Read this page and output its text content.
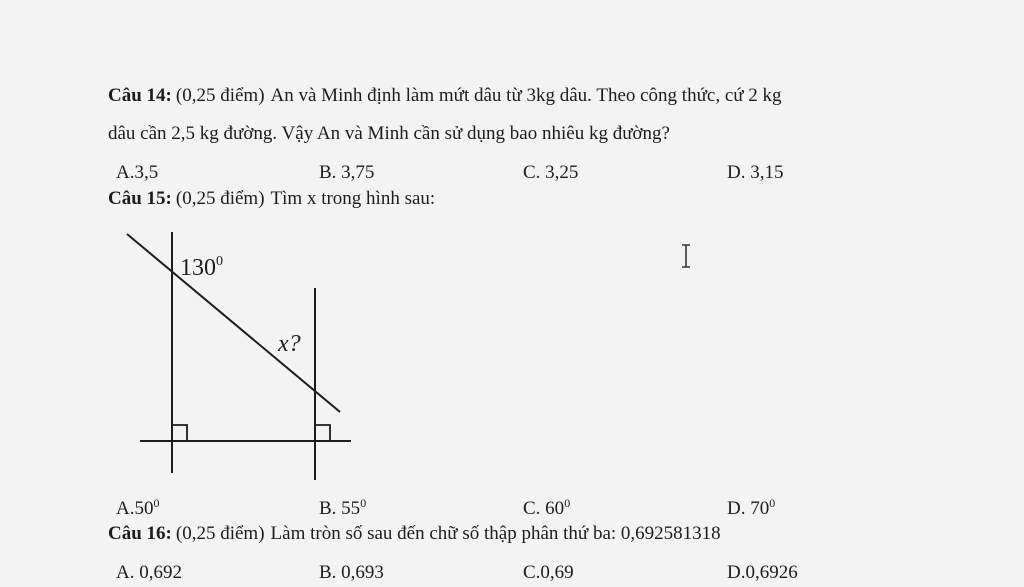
Câu 14: (0,25 điểm) An và Minh định làm mứt dâu từ 3kg dâu. Theo công thức, cứ 2 kg
dâu cần 2,5 kg đường. Vậy An và Minh cần sử dụng bao nhiêu kg đường?
A.3,5	B. 3,75	C. 3,25	D. 3,15
Câu 15: (0,25 điểm) Tìm x trong hình sau:
$130^0$
x?
$A.50^0$	B. $55^0$	C. $60^0$	D. $70^0$
Câu 16: (0,25 điểm) Làm tròn số sau đến chữ số thập phân thứ ba: 0,692581318
A. 0,692	B. 0,693	C.0,69	D.0,6926
